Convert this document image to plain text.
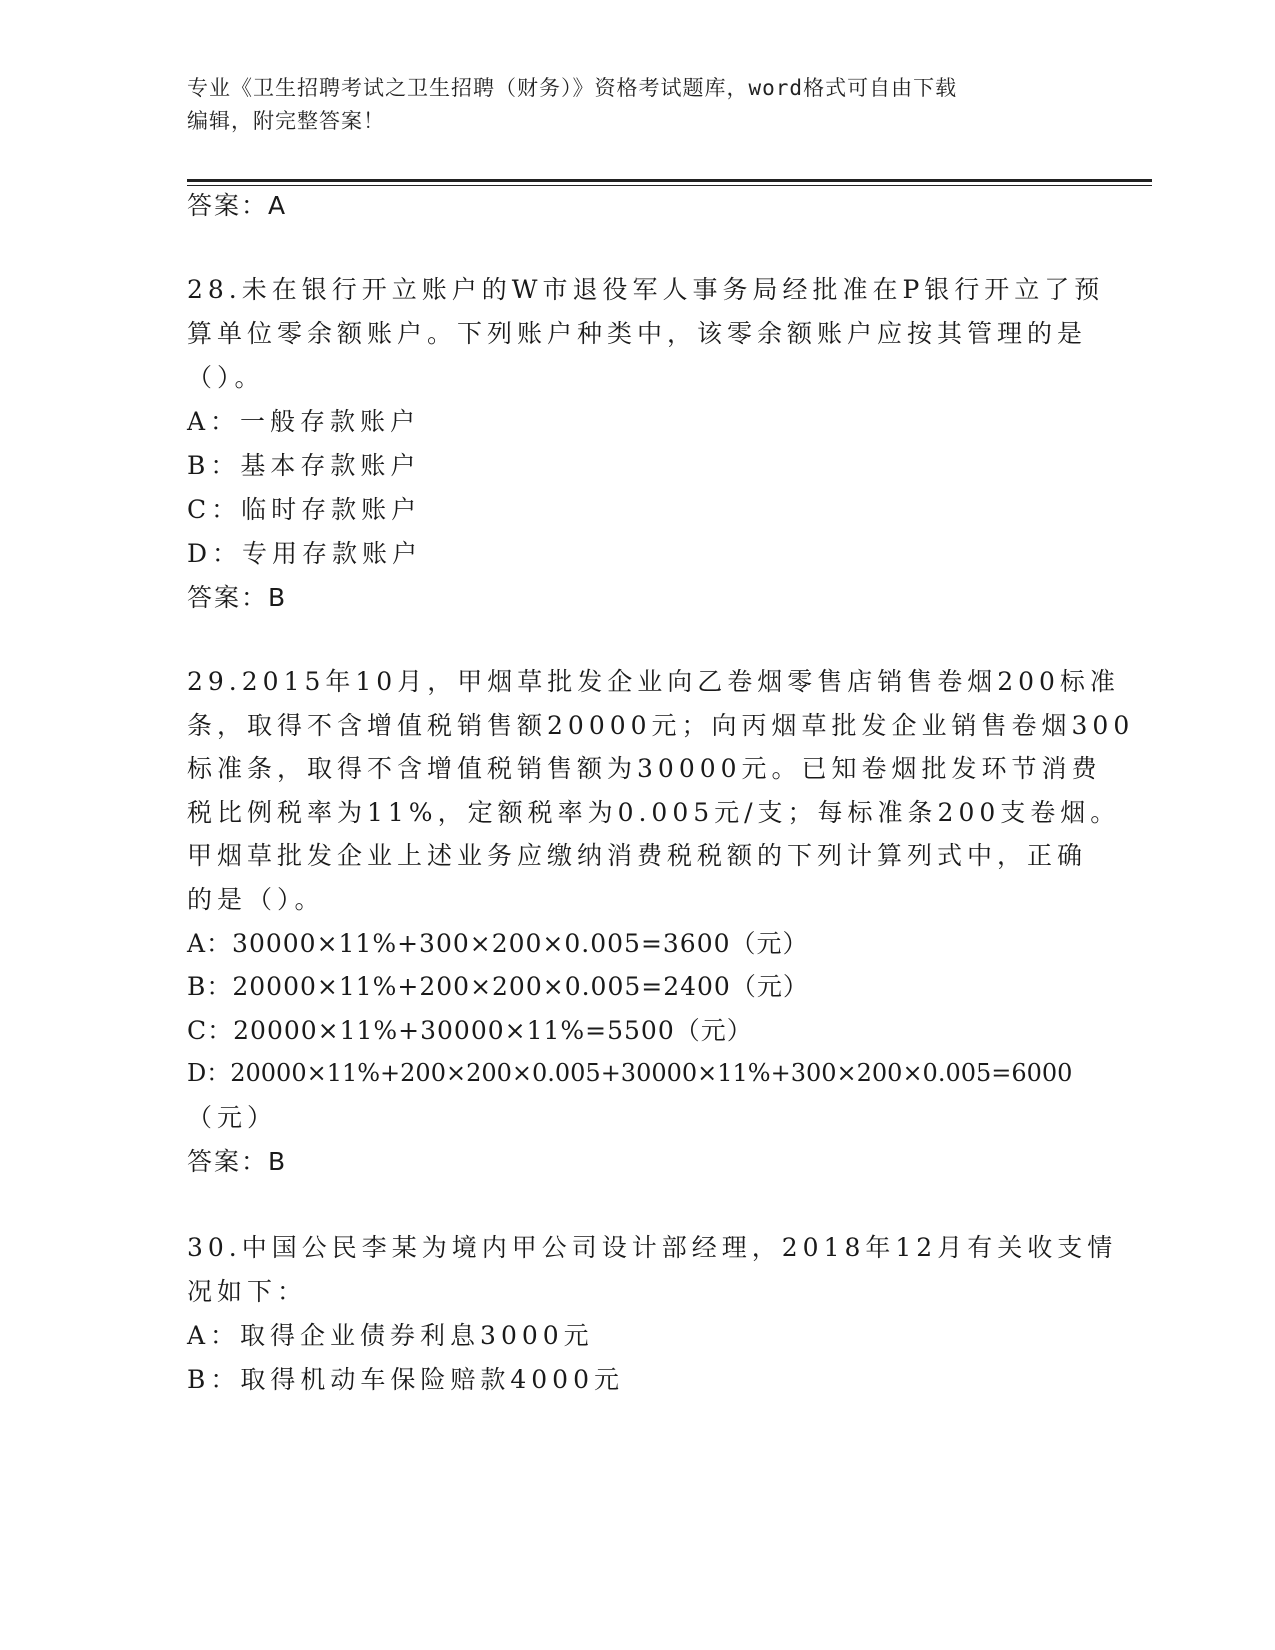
专业《卫生招聘考试之卫生招聘（财务）》资格考试题库，word格式可自由下载
编辑，附完整答案！
答案：A
28.未在银行开立账户的W市退役军人事务局经批准在P银行开立了预
算单位零余额账户。下列账户种类中，该零余额账户应按其管理的是
（）。
A：一般存款账户
B：基本存款账户
C：临时存款账户
D：专用存款账户
答案：B
29.2015年10月，甲烟草批发企业向乙卷烟零售店销售卷烟200标准
条，取得不含增值税销售额20000元；向丙烟草批发企业销售卷烟300
标准条，取得不含增值税销售额为30000元。已知卷烟批发环节消费
税比例税率为11%，定额税率为0.005元/支；每标准条200支卷烟。
甲烟草批发企业上述业务应缴纳消费税税额的下列计算列式中，正确
的是（）。
A：30000×11%+300×200×0.005=3600（元）
B：20000×11%+200×200×0.005=2400（元）
C：20000×11%+30000×11%=5500（元）
D：20000×11%+200×200×0.005+30000×11%+300×200×0.005=6000
（元）
答案：B
30.中国公民李某为境内甲公司设计部经理，2018年12月有关收支情
况如下：
A：取得企业债券利息3000元
B：取得机动车保险赔款4000元
